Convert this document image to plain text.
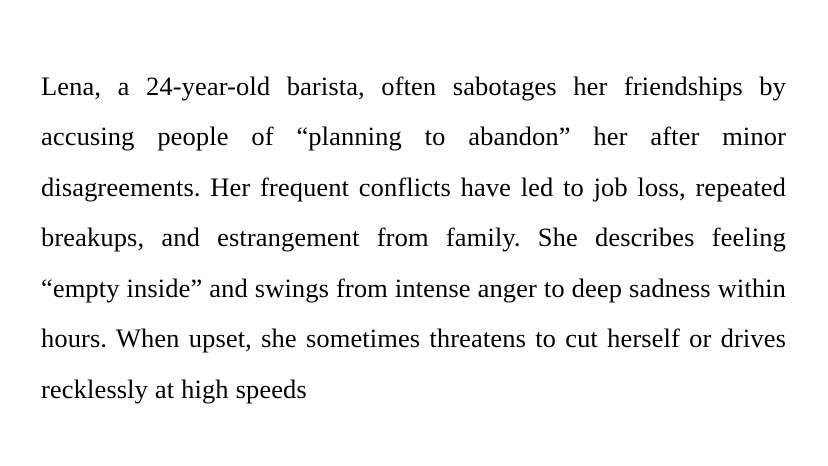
Lena, a 24-year-old barista, often sabotages her friendships by accusing people of “planning to abandon” her after minor disagreements. Her frequent conflicts have led to job loss, repeated breakups, and estrangement from family. She describes feeling “empty inside” and swings from intense anger to deep sadness within hours. When upset, she sometimes threatens to cut herself or drives recklessly at high speeds
